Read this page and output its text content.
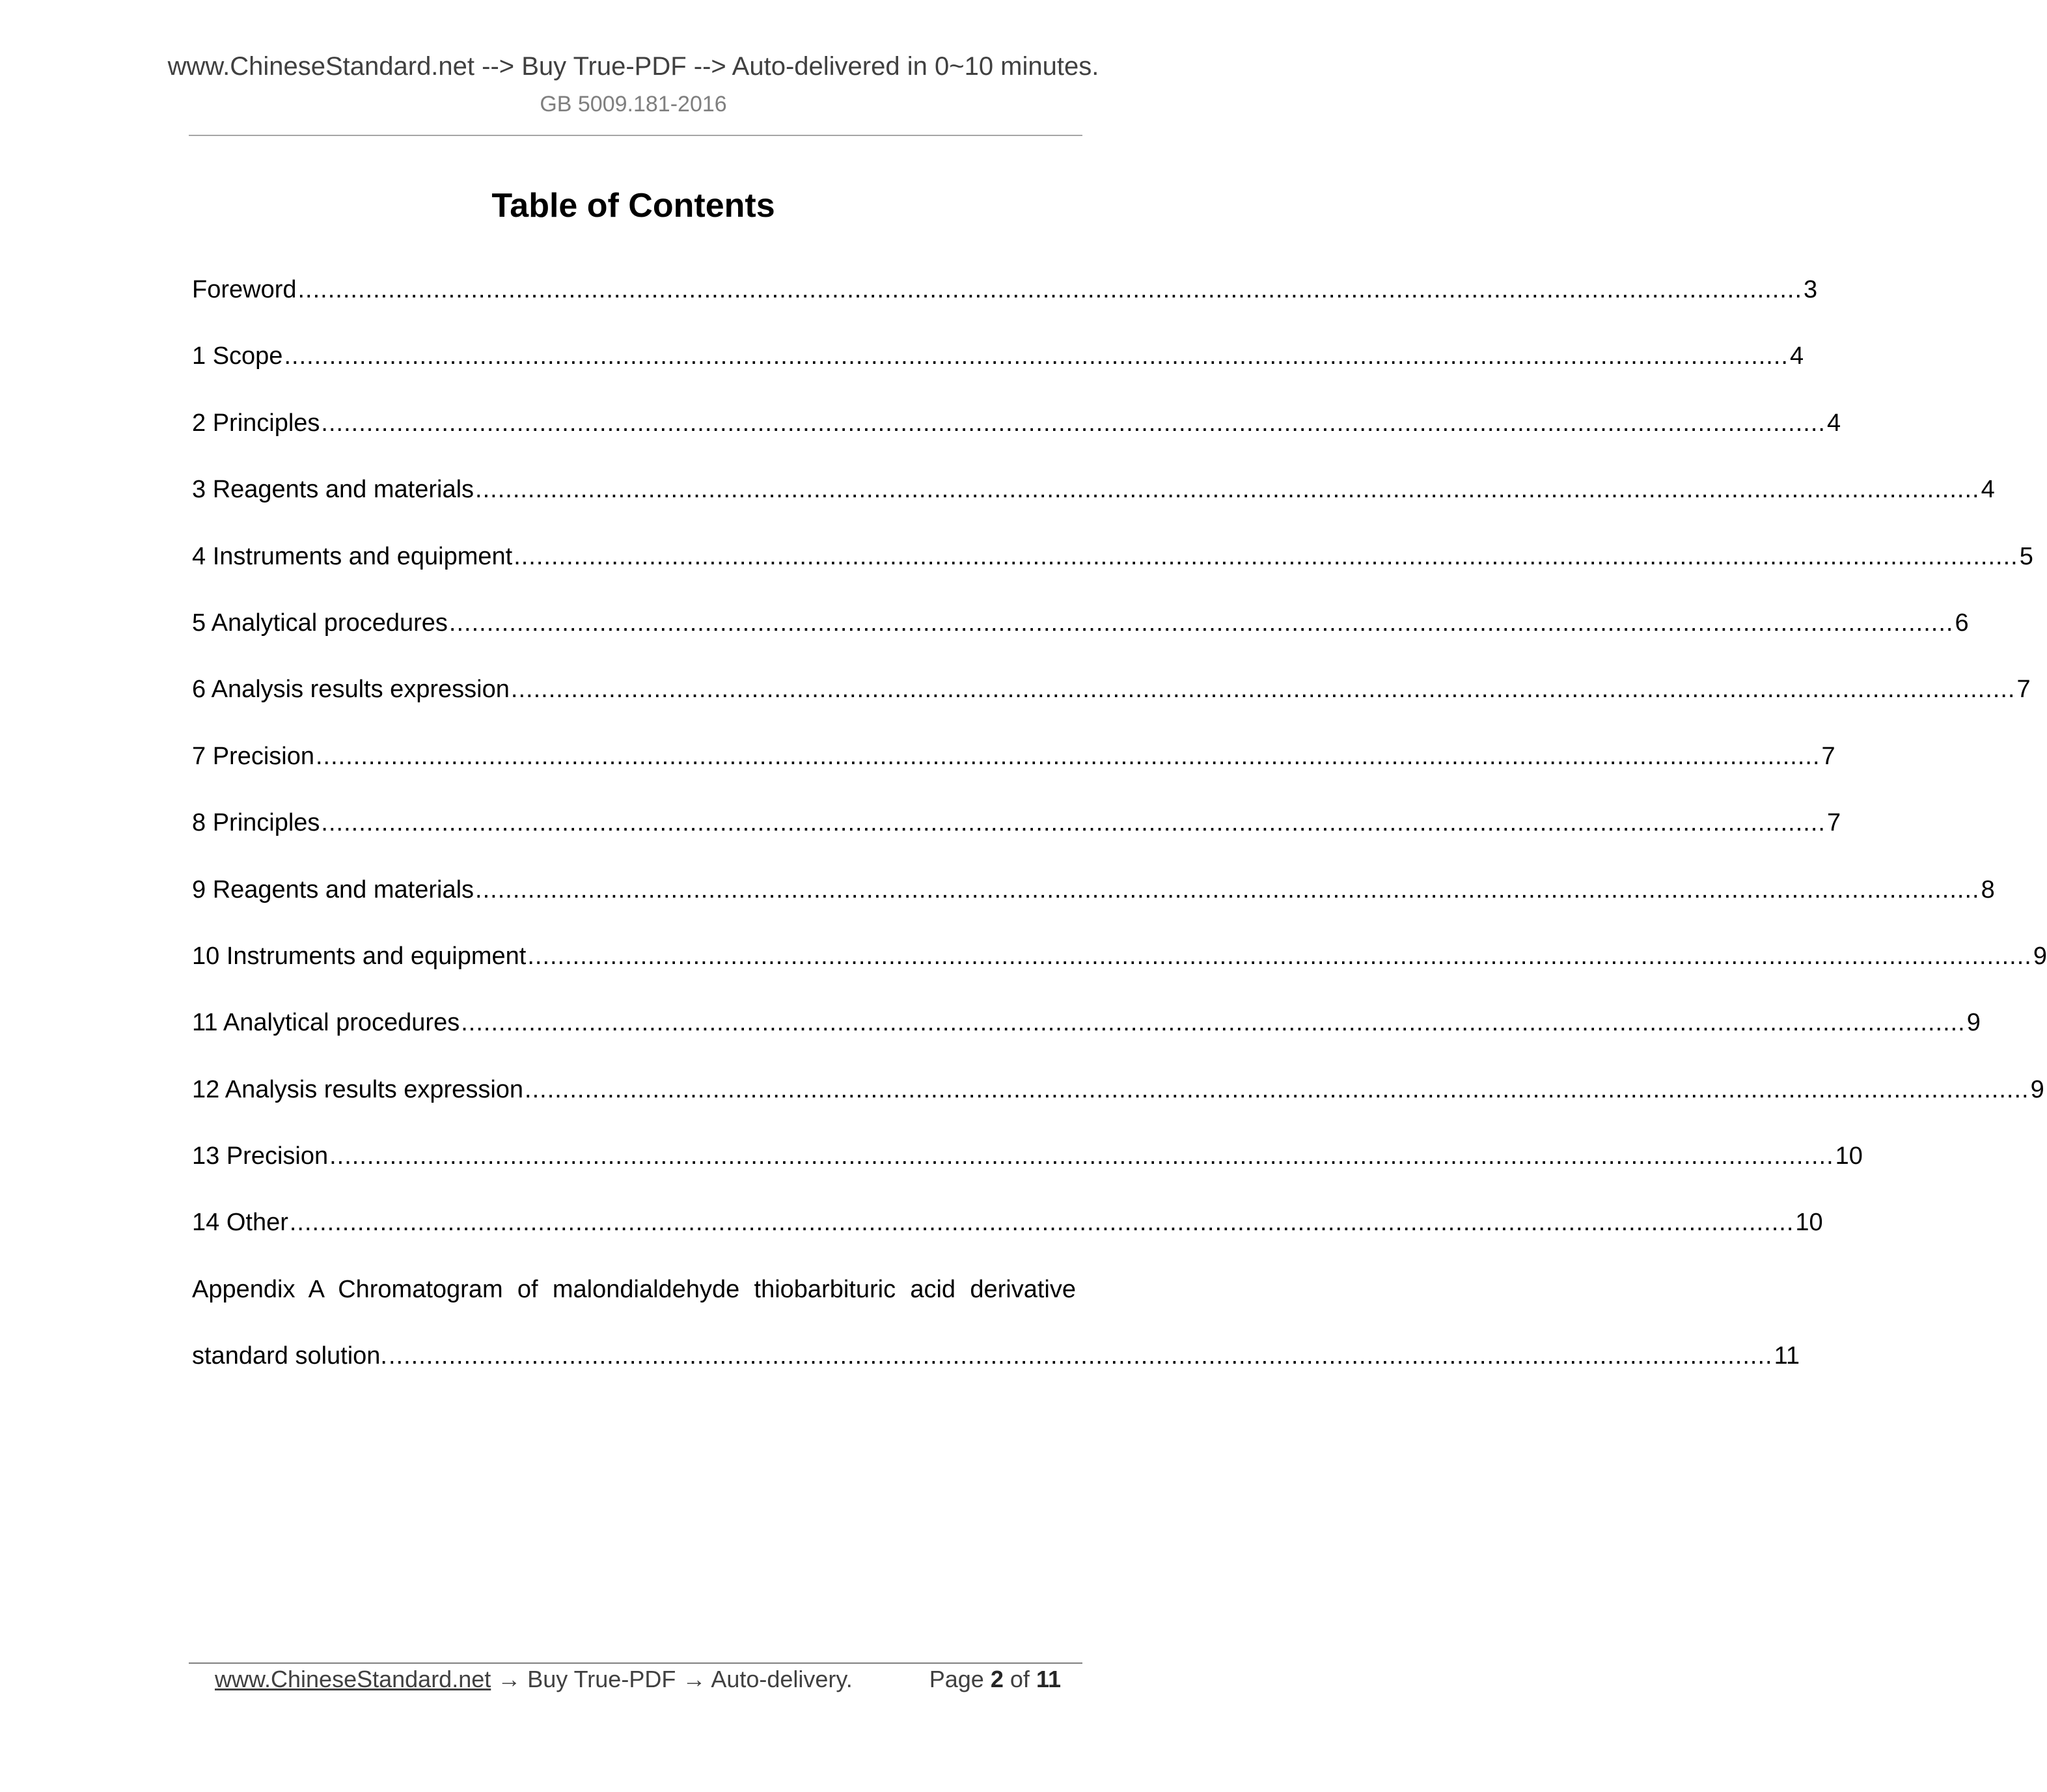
www.ChineseStandard.net --> Buy True-PDF --> Auto-delivered in 0~10 minutes.
GB 5009.181-2016
Table of Contents
Foreword ........................................................................................................................................................................................................ 3
1 Scope ........................................................................................................................................................................................................ 4
2 Principles ........................................................................................................................................................................................................ 4
3 Reagents and materials ........................................................................................................................................................................................................ 4
4 Instruments and equipment ........................................................................................................................................................................................................ 5
5 Analytical procedures ........................................................................................................................................................................................................ 6
6 Analysis results expression ........................................................................................................................................................................................................ 7
7 Precision ........................................................................................................................................................................................................ 7
8 Principles ........................................................................................................................................................................................................ 7
9 Reagents and materials ........................................................................................................................................................................................................ 8
10 Instruments and equipment ........................................................................................................................................................................................................ 9
11 Analytical procedures ........................................................................................................................................................................................................ 9
12 Analysis results expression ........................................................................................................................................................................................................ 9
13 Precision ........................................................................................................................................................................................................ 10
14 Other ........................................................................................................................................................................................................ 10
Appendix A Chromatogram of malondialdehyde thiobarbituric acid derivative
standard solution. ........................................................................................................................................................................................ 11
www.ChineseStandard.net → Buy True-PDF → Auto-delivery.	Page 2 of 11
